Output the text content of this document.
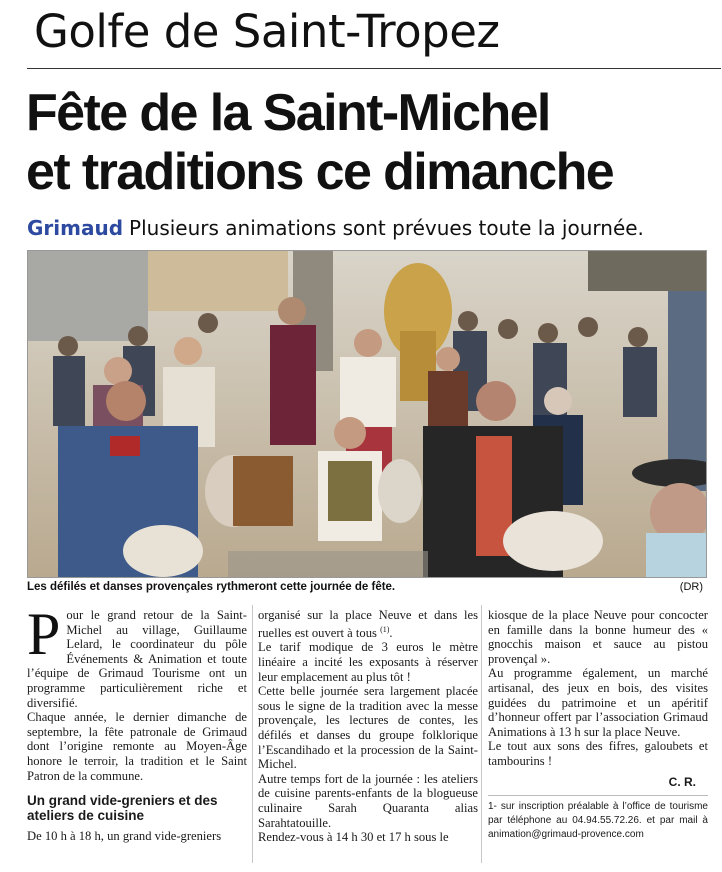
Golfe de Saint-Tropez
Fête de la Saint-Michel
et traditions ce dimanche
Grimaud Plusieurs animations sont prévues toute la journée.
Les défilés et danses provençales rythmeront cette journée de fête.	(DR)

Pour le grand retour de la Saint-Michel au village, Guillaume Lelard, le coordinateur du pôle Événements & Animation et toute l’équipe de Grimaud Tourisme ont un programme particulièrement riche et diversifié.

Chaque année, le dernier dimanche de septembre, la fête patronale de Grimaud dont l’origine remonte au Moyen-Âge honore le terroir, la tradition et le Saint Patron de la commune.

Un grand vide-greniers et des ateliers de cuisine

De 10 h à 18 h, un grand vide-greniers

organisé sur la place Neuve et dans les ruelles est ouvert à tous $^{(1)}$.

Le tarif modique de 3 euros le mètre linéaire a incité les exposants à réserver leur emplacement au plus tôt !

Cette belle journée sera largement placée sous le signe de la tradition avec la messe provençale, les lectures de contes, les défilés et danses du groupe folklorique l’Escandihado et la procession de la Saint-Michel.

Autre temps fort de la journée : les ateliers de cuisine parents-enfants de la blogueuse culinaire Sarah Quaranta alias Sarahtatouille.

Rendez-vous à 14 h 30 et 17 h sous le

kiosque de la place Neuve pour concocter en famille dans la bonne humeur des « gnocchis maison et sauce au pistou provençal ».

Au programme également, un marché artisanal, des jeux en bois, des visites guidées du patrimoine et un apéritif d’honneur offert par l’association Grimaud Animations à 13 h sur la place Neuve.

Le tout aux sons des fifres, galoubets et tambourins !

C. R.

1- sur inscription préalable à l’office de tourisme par téléphone au 04.94.55.72.26. et par mail à animation@grimaud-provence.com
